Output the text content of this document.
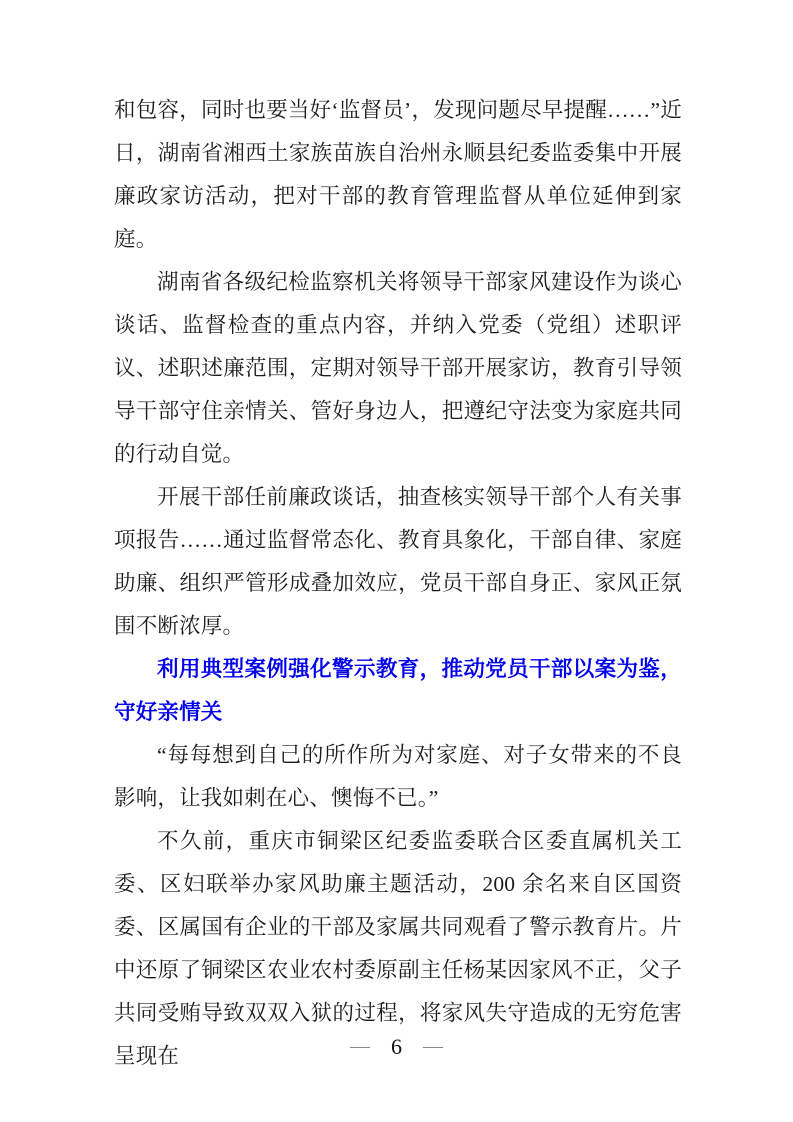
和包容，同时也要当好‘监督员’，发现问题尽早提醒……”近日，湖南省湘西土家族苗族自治州永顺县纪委监委集中开展廉政家访活动，把对干部的教育管理监督从单位延伸到家庭。

湖南省各级纪检监察机关将领导干部家风建设作为谈心谈话、监督检查的重点内容，并纳入党委（党组）述职评议、述职述廉范围，定期对领导干部开展家访，教育引导领导干部守住亲情关、管好身边人，把遵纪守法变为家庭共同的行动自觉。

开展干部任前廉政谈话，抽查核实领导干部个人有关事项报告……通过监督常态化、教育具象化，干部自律、家庭助廉、组织严管形成叠加效应，党员干部自身正、家风正氛围不断浓厚。

利用典型案例强化警示教育，推动党员干部以案为鉴，守好亲情关

“每每想到自己的所作所为对家庭、对子女带来的不良影响，让我如刺在心、懊悔不已。”

不久前，重庆市铜梁区纪委监委联合区委直属机关工委、区妇联举办家风助廉主题活动，200 余名来自区国资委、区属国有企业的干部及家属共同观看了警示教育片。片中还原了铜梁区农业农村委原副主任杨某因家风不正，父子共同受贿导致双双入狱的过程，将家风失守造成的无穷危害呈现在	— 6 —
